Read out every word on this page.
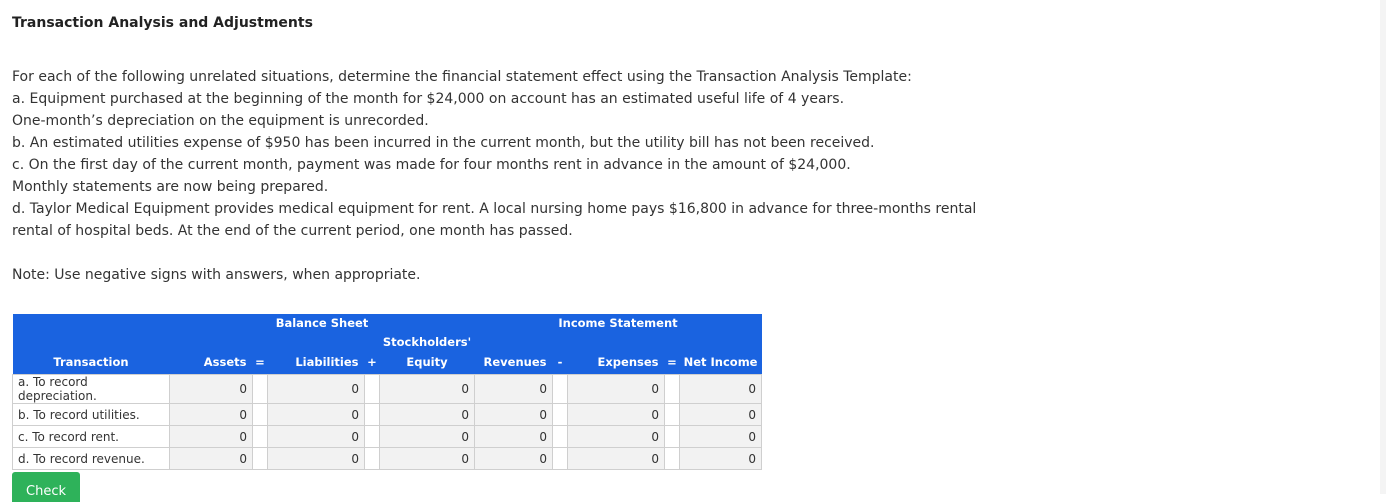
Transaction Analysis and Adjustments
For each of the following unrelated situations, determine the financial statement effect using the Transaction Analysis Template:
a. Equipment purchased at the beginning of the month for $24,000 on account has an estimated useful life of 4 years.
One-month’s depreciation on the equipment is unrecorded.
b. An estimated utilities expense of $950 has been incurred in the current month, but the utility bill has not been received.
c. On the first day of the current month, payment was made for four months rent in advance in the amount of $24,000.
Monthly statements are now being prepared.
d. Taylor Medical Equipment provides medical equipment for rent. A local nursing home pays $16,800 in advance for three-months rental
rental of hospital beds. At the end of the current period, one month has passed.
Note: Use negative signs with answers, when appropriate.
	Balance Sheet					Income Statement				
					Stockholders'					
Transaction	Assets	=	Liabilities	+	Equity	Revenues	-	Expenses	=	Net Income
a. To record depreciation.	0		0		0	0		0		0
b. To record utilities.	0		0		0	0		0		0
c. To record rent.	0		0		0	0		0		0
d. To record revenue.	0		0		0	0		0		0
Check
